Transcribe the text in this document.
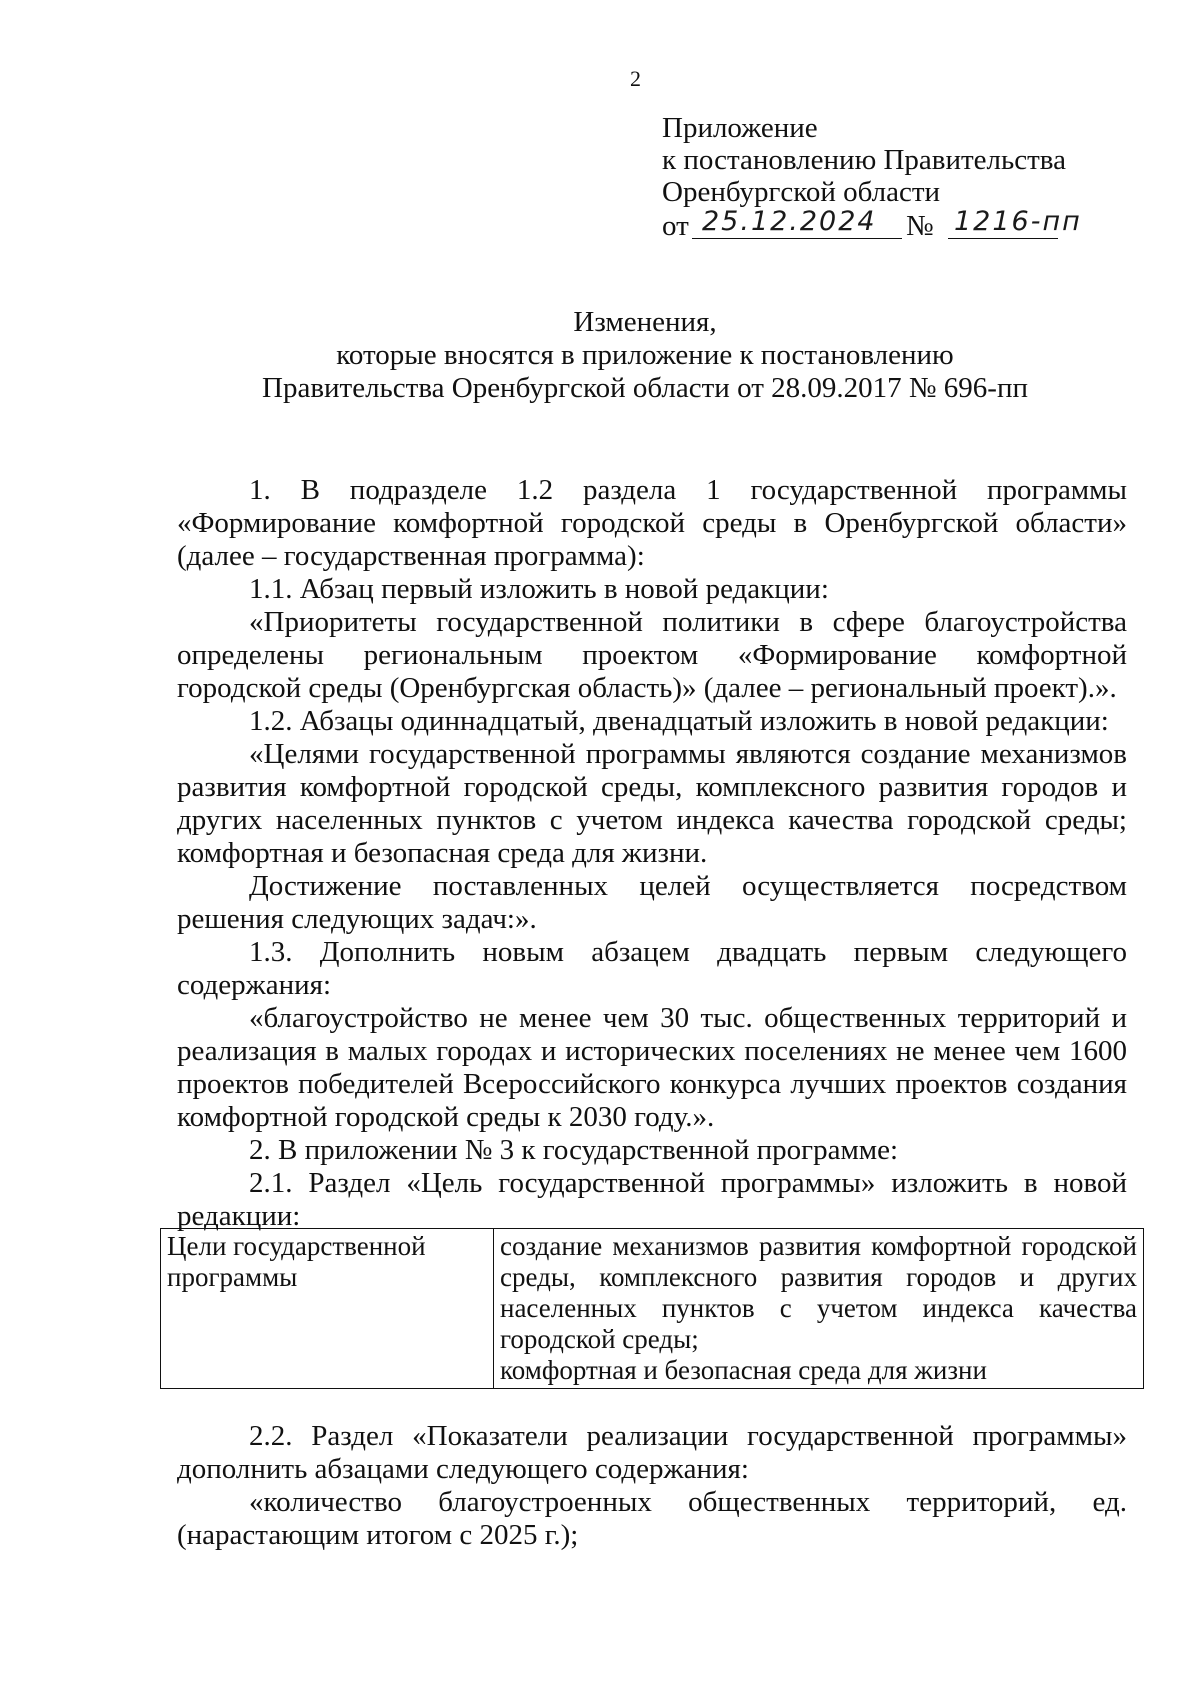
2
Приложение
к постановлению Правительства
Оренбургской области
от 25.12.2024 № 1216-пп
Изменения,
которые вносятся в приложение к постановлению
Правительства Оренбургской области от 28.09.2017 № 696-пп

1. В подразделе 1.2 раздела 1 государственной программы «Формирование комфортной городской среды в Оренбургской области» (далее – государственная программа):

1.1. Абзац первый изложить в новой редакции:

«Приоритеты государственной политики в сфере благоустройства определены региональным проектом «Формирование комфортной городской среды (Оренбургская область)» (далее – региональный проект).».

1.2. Абзацы одиннадцатый, двенадцатый изложить в новой редакции:

«Целями государственной программы являются создание механизмов развития комфортной городской среды, комплексного развития городов и других населенных пунктов с учетом индекса качества городской среды; комфортная и безопасная среда для жизни.

Достижение поставленных целей осуществляется посредством решения следующих задач:».

1.3. Дополнить новым абзацем двадцать первым следующего содержания:

«благоустройство не менее чем 30 тыс. общественных территорий и реализация в малых городах и исторических поселениях не менее чем 1600 проектов победителей Всероссийского конкурса лучших проектов создания комфортной городской среды к 2030 году.».

2. В приложении № 3 к государственной программе:

2.1. Раздел «Цель государственной программы» изложить в новой редакции:

Цели государственной программы
создание механизмов развития комфортной городской среды, комплексного развития городов и других населенных пунктов с учетом индекса качества городской среды;
комфортная и безопасная среда для жизни

2.2. Раздел «Показатели реализации государственной программы» дополнить абзацами следующего содержания:

«количество благоустроенных общественных территорий, ед. (нарастающим итогом с 2025 г.);
